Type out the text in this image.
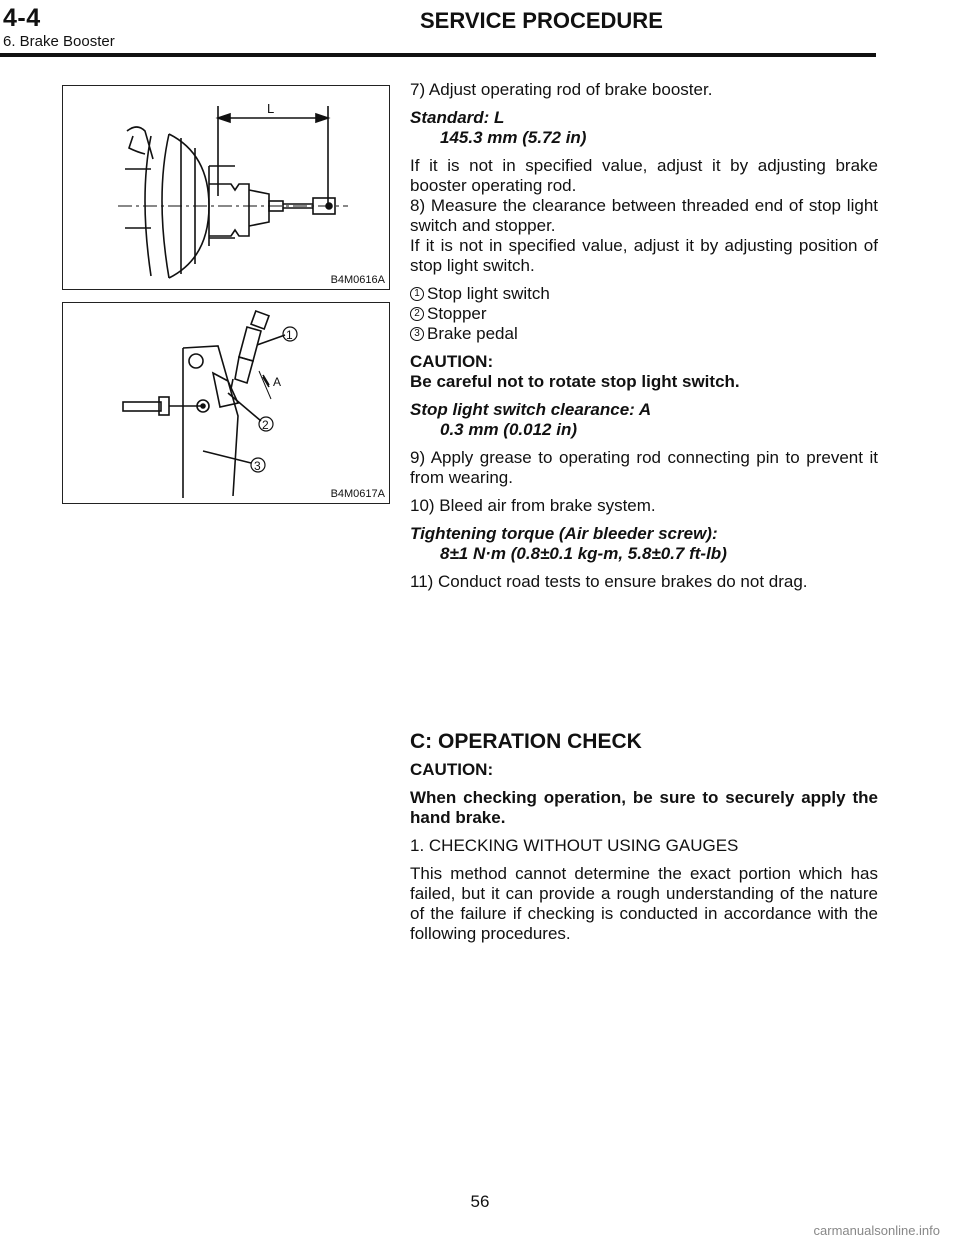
4-4	SERVICE PROCEDURE
6. Brake Booster
L
B4M0616A
1
A
2
3
B4M0617A

7) Adjust operating rod of brake booster.

Standard: L

145.3 mm (5.72 in)

If it is not in specified value, adjust it by adjusting brake booster operating rod.

8) Measure the clearance between threaded end of stop light switch and stopper.

If it is not in specified value, adjust it by adjusting position of stop light switch.

1 Stop light switch
2 Stopper
3 Brake pedal

CAUTION:

Be careful not to rotate stop light switch.

Stop light switch clearance: A

0.3 mm (0.012 in)

9) Apply grease to operating rod connecting pin to prevent it from wearing.

10) Bleed air from brake system.

Tightening torque (Air bleeder screw):

8±1 N·m (0.8±0.1 kg-m, 5.8±0.7 ft-lb)

11) Conduct road tests to ensure brakes do not drag.

C: OPERATION CHECK

CAUTION:

When checking operation, be sure to securely apply the hand brake.

1. CHECKING WITHOUT USING GAUGES

This method cannot determine the exact portion which has failed, but it can provide a rough understanding of the nature of the failure if checking is conducted in accordance with the following procedures.

56
carmanualsonline.info
